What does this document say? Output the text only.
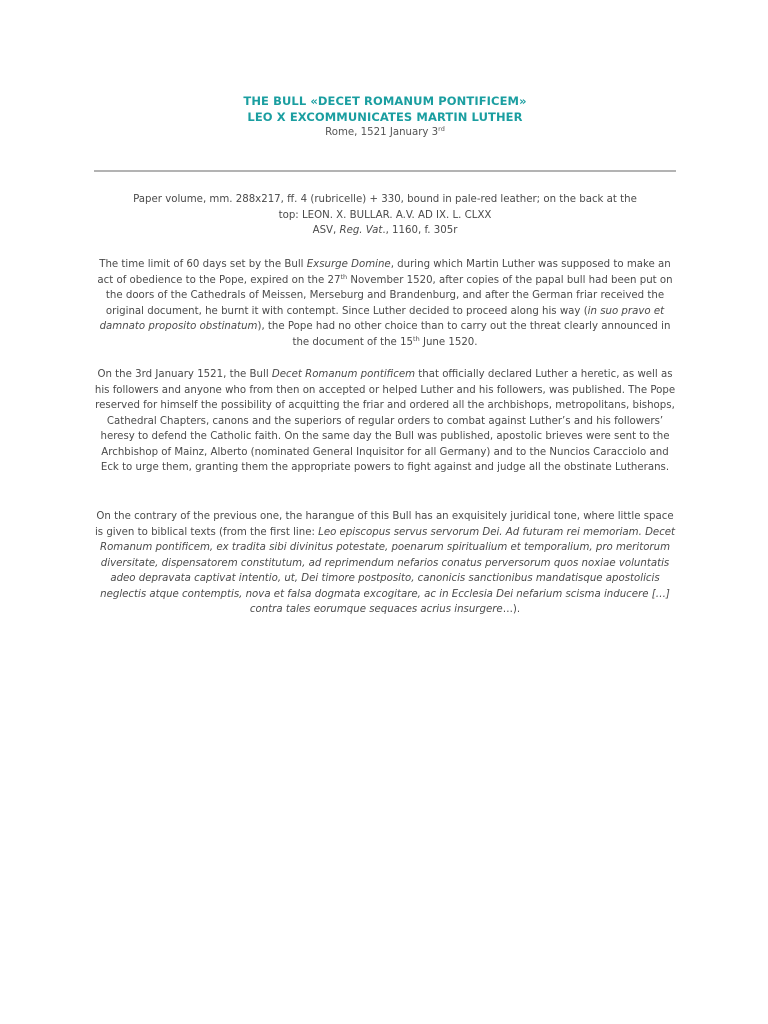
THE BULL «DECET ROMANUM PONTIFICEM»
LEO X EXCOMMUNICATES MARTIN LUTHER
Rome, 1521 January 3rd
Paper volume, mm. 288x217, ff. 4 (rubricelle) + 330, bound in pale-red leather; on the back at the
top: LEON. X. BULLAR. A.V. AD IX. L. CLXX
ASV, Reg. Vat., 1160, f. 305r
The time limit of 60 days set by the Bull Exsurge Domine, during which Martin Luther was supposed to make an act of obedience to the Pope, expired on the 27th November 1520, after copies of the papal bull had been put on the doors of the Cathedrals of Meissen, Merseburg and Brandenburg, and after the German friar received the original document, he burnt it with contempt. Since Luther decided to proceed along his way (in suo pravo et damnato proposito obstinatum), the Pope had no other choice than to carry out the threat clearly announced in the document of the 15th June 1520.
On the 3rd January 1521, the Bull Decet Romanum pontificem that officially declared Luther a heretic, as well as his followers and anyone who from then on accepted or helped Luther and his followers, was published. The Pope reserved for himself the possibility of acquitting the friar and ordered all the archbishops, metropolitans, bishops, Cathedral Chapters, canons and the superiors of regular orders to combat against Luther’s and his followers’ heresy to defend the Catholic faith. On the same day the Bull was published, apostolic brieves were sent to the Archbishop of Mainz, Alberto (nominated General Inquisitor for all Germany) and to the Nuncios Caracciolo and Eck to urge them, granting them the appropriate powers to fight against and judge all the obstinate Lutherans.
On the contrary of the previous one, the harangue of this Bull has an exquisitely juridical tone, where little space is given to biblical texts (from the first line: Leo episcopus servus servorum Dei. Ad futuram rei memoriam. Decet Romanum pontificem, ex tradita sibi divinitus potestate, poenarum spiritualium et temporalium, pro meritorum diversitate, dispensatorem constitutum, ad reprimendum nefarios conatus perversorum quos noxiae voluntatis adeo depravata captivat intentio, ut, Dei timore postposito, canonicis sanctionibus mandatisque apostolicis neglectis atque contemptis, nova et falsa dogmata excogitare, ac in Ecclesia Dei nefarium scisma inducere […] contra tales eorumque sequaces acrius insurgere…).
